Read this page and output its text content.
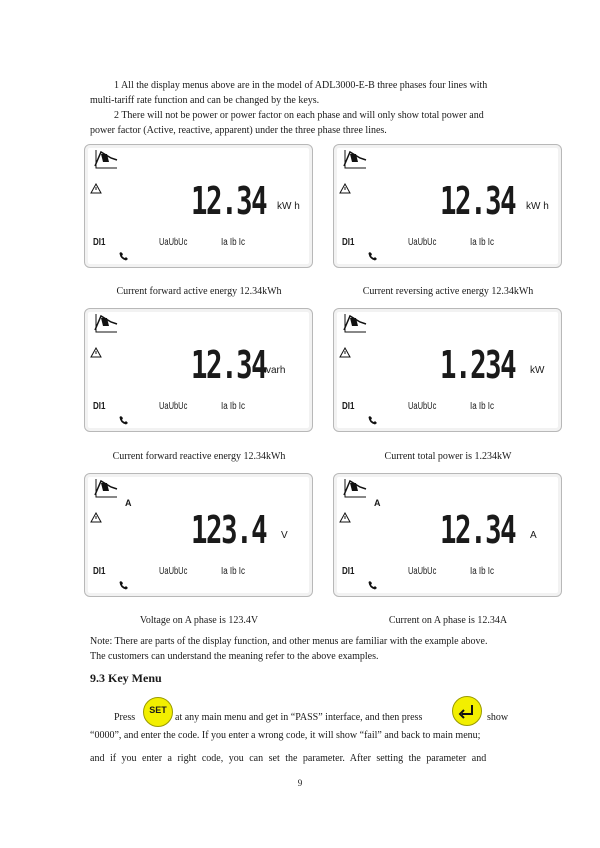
1 All the display menus above are in the model of ADL3000-E-B three phases four lines with

multi-tariff rate function and can be changed by the keys.

2 There will not be power or power factor on each phase and will only show total power and

power factor (Active, reactive, apparent) under the three phase three lines.

12.34 kW h
DI1	UaUbUc	Ia Ib Ic
Current forward active energy 12.34kWh
12.34 kW h
DI1	UaUbUc	Ia Ib Ic
Current reversing active energy 12.34kWh
12.34
kvarh
DI1	UaUbUc	Ia Ib Ic
Current forward reactive energy 12.34kWh
1.234 kW
DI1	UaUbUc	Ia Ib Ic
Current total power is 1.234kW
A
123.4 V
DI1	UaUbUc	Ia Ib Ic
Voltage on A phase is 123.4V
A
12.34 A
DI1	UaUbUc	Ia Ib Ic
Current on A phase is 12.34A

Note: There are parts of the display function, and other menus are familiar with the example above.

The customers can understand the meaning refer to the above examples.

9.3 Key Menu
Press
SET
at any main menu and get in “PASS” interface, and then press	show

“0000”, and enter the code. If you enter a wrong code, it will show “fail” and back to main menu;

and if you enter a right code, you can set the parameter. After setting the parameter and

9
